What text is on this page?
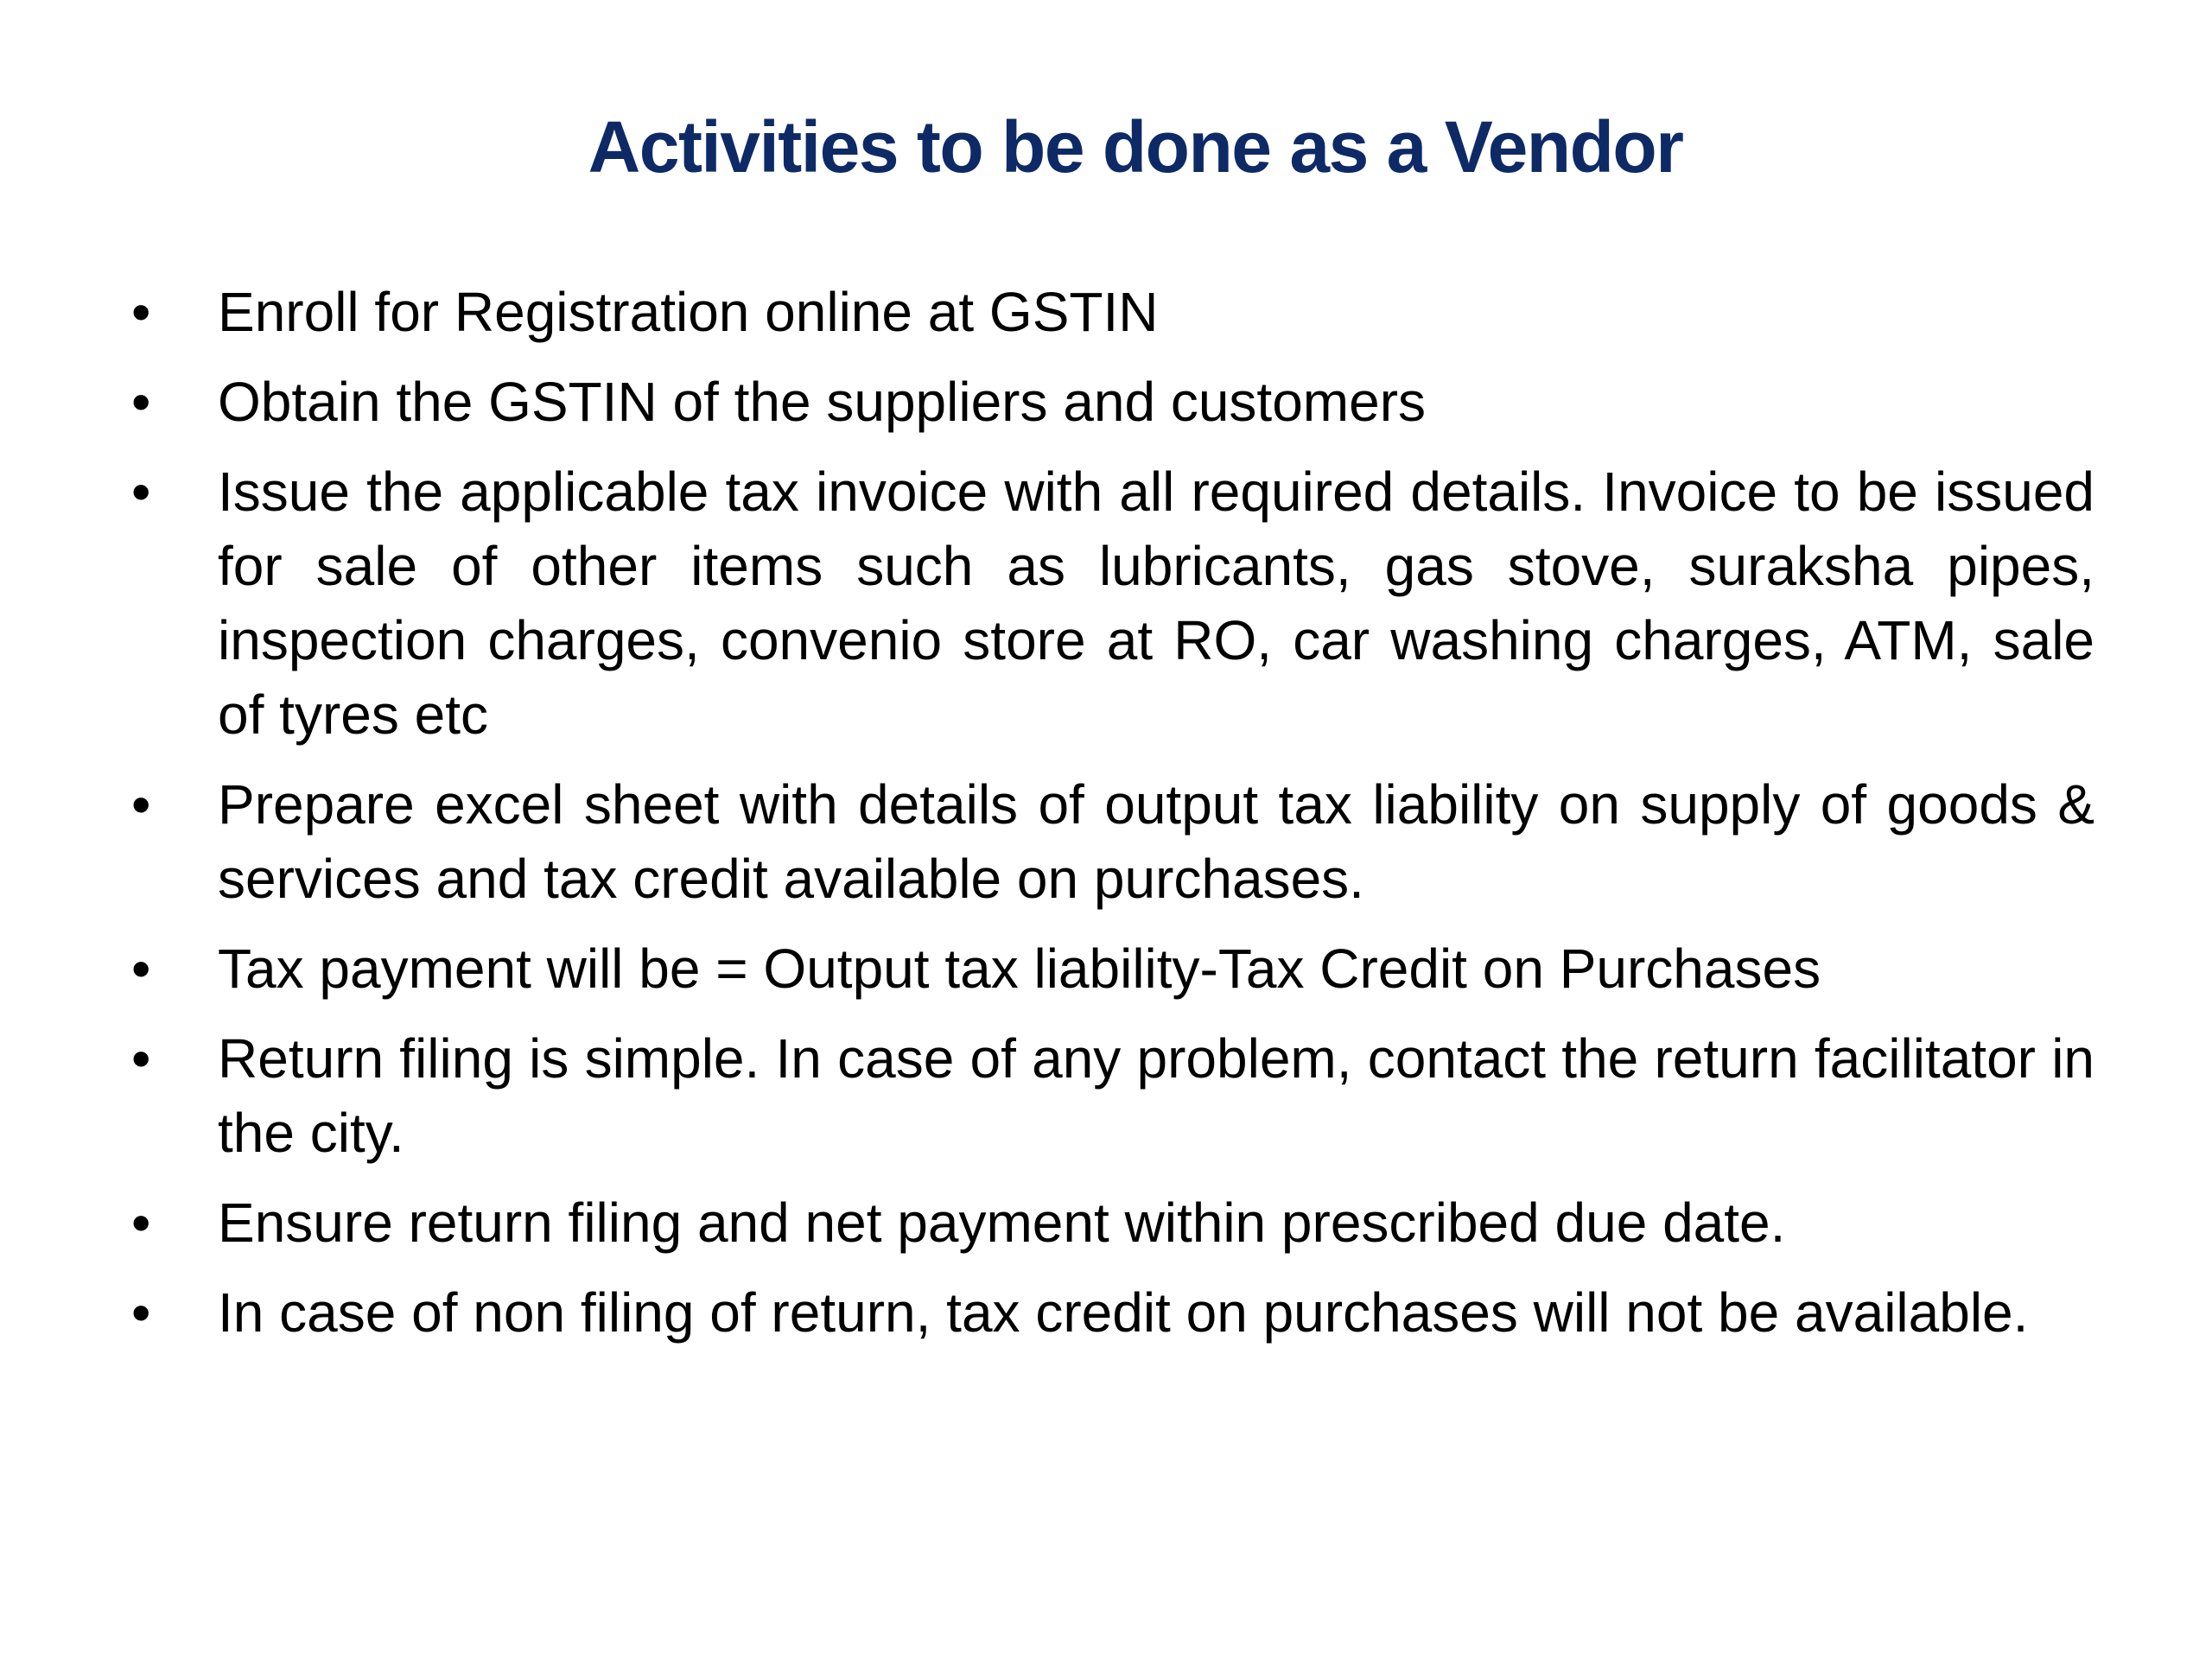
Activities to be done as a Vendor
• Enroll for Registration online at GSTIN
• Obtain the GSTIN of the suppliers and customers
• Issue the applicable tax invoice with all required details. Invoice to be issued for sale of other items such as lubricants, gas stove, suraksha pipes, inspection charges, convenio store at RO, car washing charges, ATM, sale of tyres etc
• Prepare excel sheet with details of output tax liability on supply of goods & services and tax credit available on purchases.
• Tax payment will be = Output tax liability-Tax Credit on Purchases
• Return filing is simple. In case of any problem, contact the return facilitator in the city.
• Ensure return filing and net payment within prescribed due date.
• In case of non filing of return, tax credit on purchases will not be available.
